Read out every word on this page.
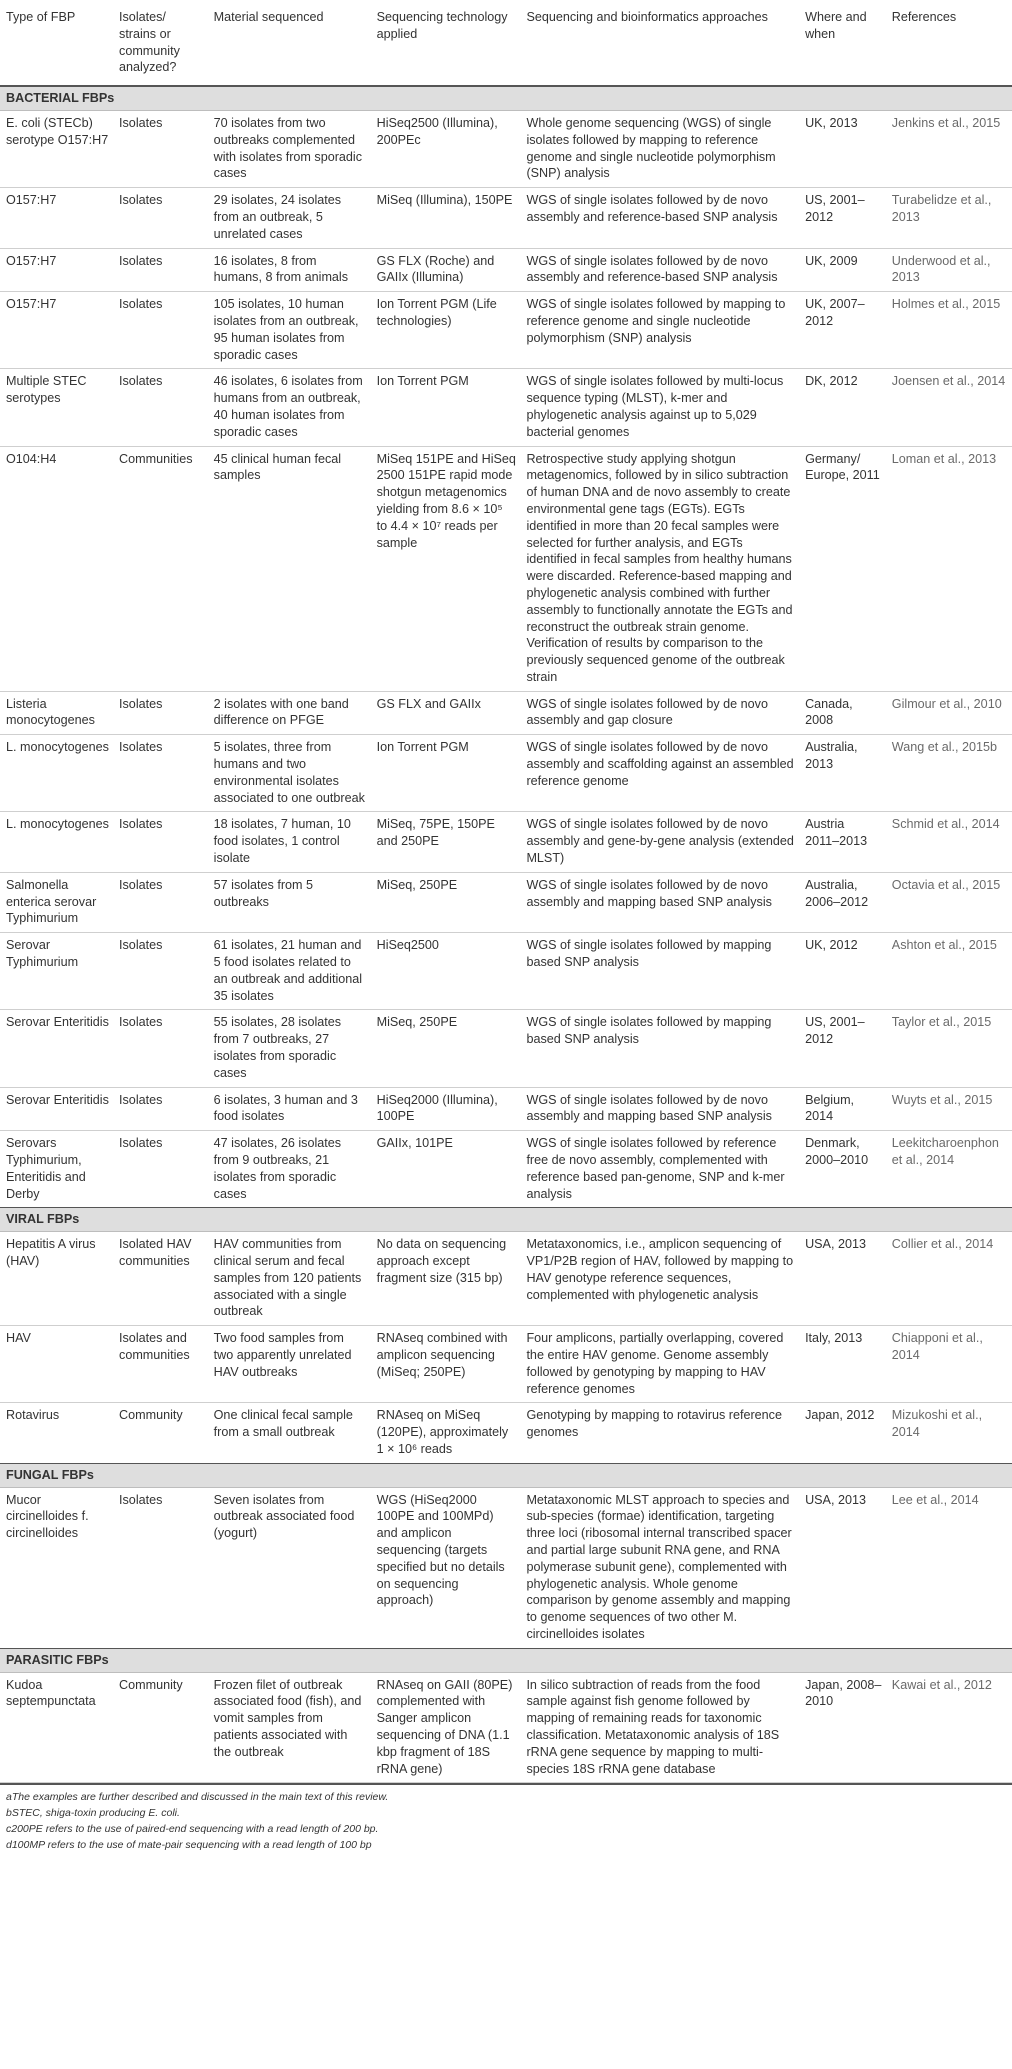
Type of FBP	Isolates/ strains or community analyzed?	Material sequenced	Sequencing technology applied	Sequencing and bioinformatics approaches	Where and when	References
BACTERIAL FBPs						
E. coli (STECb) serotype O157:H7	Isolates	70 isolates from two outbreaks complemented with isolates from sporadic cases	HiSeq2500 (Illumina), 200PEc	Whole genome sequencing (WGS) of single isolates followed by mapping to reference genome and single nucleotide polymorphism (SNP) analysis	UK, 2013	Jenkins et al., 2015
O157:H7	Isolates	29 isolates, 24 isolates from an outbreak, 5 unrelated cases	MiSeq (Illumina), 150PE	WGS of single isolates followed by de novo assembly and reference-based SNP analysis	US, 2001–2012	Turabelidze et al., 2013
O157:H7	Isolates	16 isolates, 8 from humans, 8 from animals	GS FLX (Roche) and GAIIx (Illumina)	WGS of single isolates followed by de novo assembly and reference-based SNP analysis	UK, 2009	Underwood et al., 2013
O157:H7	Isolates	105 isolates, 10 human isolates from an outbreak, 95 human isolates from sporadic cases	Ion Torrent PGM (Life technologies)	WGS of single isolates followed by mapping to reference genome and single nucleotide polymorphism (SNP) analysis	UK, 2007–2012	Holmes et al., 2015
Multiple STEC serotypes	Isolates	46 isolates, 6 isolates from humans from an outbreak, 40 human isolates from sporadic cases	Ion Torrent PGM	WGS of single isolates followed by multi-locus sequence typing (MLST), k-mer and phylogenetic analysis against up to 5,029 bacterial genomes	DK, 2012	Joensen et al., 2014
O104:H4	Communities	45 clinical human fecal samples	MiSeq 151PE and HiSeq 2500 151PE rapid mode shotgun metagenomics yielding from 8.6 × 10⁵ to 4.4 × 10⁷ reads per sample	Retrospective study applying shotgun metagenomics, followed by in silico subtraction of human DNA and de novo assembly to create environmental gene tags (EGTs). EGTs identified in more than 20 fecal samples were selected for further analysis, and EGTs identified in fecal samples from healthy humans were discarded. Reference-based mapping and phylogenetic analysis combined with further assembly to functionally annotate the EGTs and reconstruct the outbreak strain genome. Verification of results by comparison to the previously sequenced genome of the outbreak strain	Germany/ Europe, 2011	Loman et al., 2013
Listeria monocytogenes	Isolates	2 isolates with one band difference on PFGE	GS FLX and GAIIx	WGS of single isolates followed by de novo assembly and gap closure	Canada, 2008	Gilmour et al., 2010
L. monocytogenes	Isolates	5 isolates, three from humans and two environmental isolates associated to one outbreak	Ion Torrent PGM	WGS of single isolates followed by de novo assembly and scaffolding against an assembled reference genome	Australia, 2013	Wang et al., 2015b
L. monocytogenes	Isolates	18 isolates, 7 human, 10 food isolates, 1 control isolate	MiSeq, 75PE, 150PE and 250PE	WGS of single isolates followed by de novo assembly and gene-by-gene analysis (extended MLST)	Austria 2011–2013	Schmid et al., 2014
Salmonella enterica serovar Typhimurium	Isolates	57 isolates from 5 outbreaks	MiSeq, 250PE	WGS of single isolates followed by de novo assembly and mapping based SNP analysis	Australia, 2006–2012	Octavia et al., 2015
Serovar Typhimurium	Isolates	61 isolates, 21 human and 5 food isolates related to an outbreak and additional 35 isolates	HiSeq2500	WGS of single isolates followed by mapping based SNP analysis	UK, 2012	Ashton et al., 2015
Serovar Enteritidis	Isolates	55 isolates, 28 isolates from 7 outbreaks, 27 isolates from sporadic cases	MiSeq, 250PE	WGS of single isolates followed by mapping based SNP analysis	US, 2001–2012	Taylor et al., 2015
Serovar Enteritidis	Isolates	6 isolates, 3 human and 3 food isolates	HiSeq2000 (Illumina), 100PE	WGS of single isolates followed by de novo assembly and mapping based SNP analysis	Belgium, 2014	Wuyts et al., 2015
Serovars Typhimurium, Enteritidis and Derby	Isolates	47 isolates, 26 isolates from 9 outbreaks, 21 isolates from sporadic cases	GAIIx, 101PE	WGS of single isolates followed by reference free de novo assembly, complemented with reference based pan-genome, SNP and k-mer analysis	Denmark, 2000–2010	Leekitcharoenphon et al., 2014
VIRAL FBPs						
Hepatitis A virus (HAV)	Isolated HAV communities	HAV communities from clinical serum and fecal samples from 120 patients associated with a single outbreak	No data on sequencing approach except fragment size (315 bp)	Metataxonomics, i.e., amplicon sequencing of VP1/P2B region of HAV, followed by mapping to HAV genotype reference sequences, complemented with phylogenetic analysis	USA, 2013	Collier et al., 2014
HAV	Isolates and communities	Two food samples from two apparently unrelated HAV outbreaks	RNAseq combined with amplicon sequencing (MiSeq; 250PE)	Four amplicons, partially overlapping, covered the entire HAV genome. Genome assembly followed by genotyping by mapping to HAV reference genomes	Italy, 2013	Chiapponi et al., 2014
Rotavirus	Community	One clinical fecal sample from a small outbreak	RNAseq on MiSeq (120PE), approximately 1 × 10⁶ reads	Genotyping by mapping to rotavirus reference genomes	Japan, 2012	Mizukoshi et al., 2014
FUNGAL FBPs						
Mucor circinelloides f. circinelloides	Isolates	Seven isolates from outbreak associated food (yogurt)	WGS (HiSeq2000 100PE and 100MPd) and amplicon sequencing (targets specified but no details on sequencing approach)	Metataxonomic MLST approach to species and sub-species (formae) identification, targeting three loci (ribosomal internal transcribed spacer and partial large subunit RNA gene, and RNA polymerase subunit gene), complemented with phylogenetic analysis. Whole genome comparison by genome assembly and mapping to genome sequences of two other M. circinelloides isolates	USA, 2013	Lee et al., 2014
PARASITIC FBPs						
Kudoa septempunctata	Community	Frozen filet of outbreak associated food (fish), and vomit samples from patients associated with the outbreak	RNAseq on GAII (80PE) complemented with Sanger amplicon sequencing of DNA (1.1 kbp fragment of 18S rRNA gene)	In silico subtraction of reads from the food sample against fish genome followed by mapping of remaining reads for taxonomic classification. Metataxonomic analysis of 18S rRNA gene sequence by mapping to multi-species 18S rRNA gene database	Japan, 2008–2010	Kawai et al., 2012
aThe examples are further described and discussed in the main text of this review.
bSTEC, shiga-toxin producing E. coli.
c200PE refers to the use of paired-end sequencing with a read length of 200 bp.
d100MP refers to the use of mate-pair sequencing with a read length of 100 bp
